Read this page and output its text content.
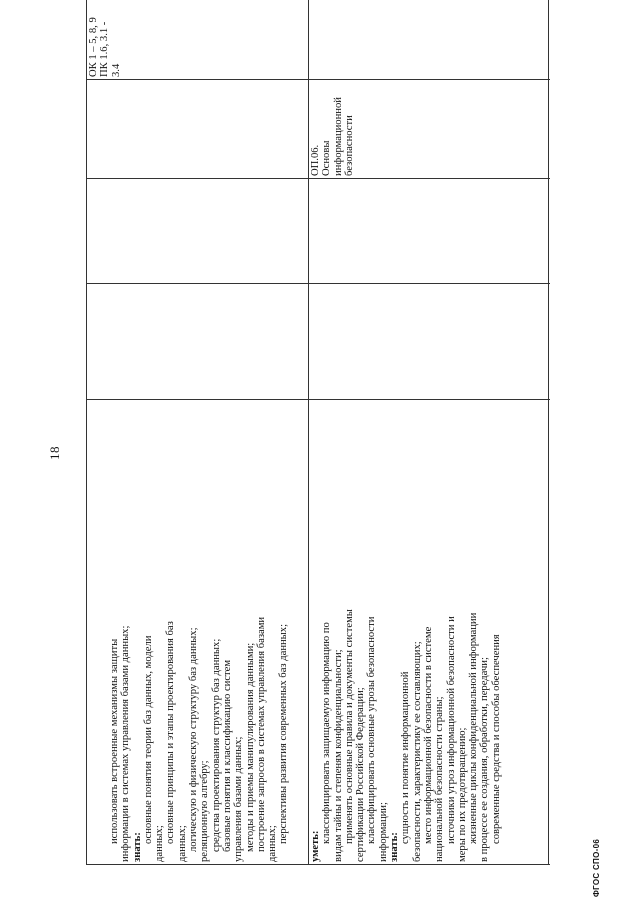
18

использовать встроенные механизмы защиты информации в системах управления базами данных; знать:

основные понятия теории баз данных, модели данных; основные принципы и этапы проектирования баз данных; логическую и физическую структуру баз данных; реляционную алгебру; средства проектирования структур баз данных; базовые понятия и классификацию систем управления базами данных; методы и приемы манипулирования данными; построение запросов в системах управления базами данных; перспективы развития современных баз данных;

ОК 1 – 5, 8, 9 ПК 1.6, 3.1 - 3.4

уметь:

классифицировать защищаемую информацию по видам тайны и степеням конфиденциальности; применять основные правила и документы системы сертификации Российской Федерации; классифицировать основные угрозы безопасности информации; знать:

сущность и понятие информационной безопасности, характеристику ее составляющих; место информационной безопасности в системе национальной безопасности страны; источники угроз информационной безопасности и меры по их предотвращению; жизненные циклы конфиденциальной информации в процессе ее создания, обработки, передачи; современные средства и способы обеспечения

ОП.06. Основы информационной безопасности

ФГОС СПО-06
